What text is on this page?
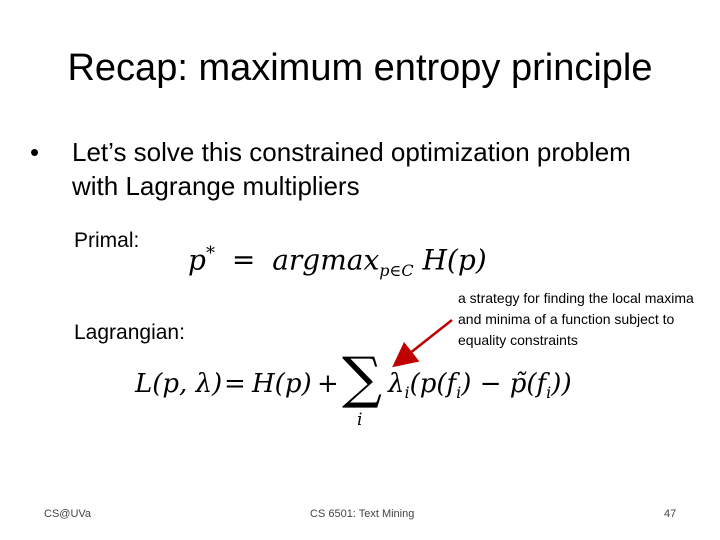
Recap: maximum entropy principle
• Let’s solve this constrained optimization problem with Lagrange multipliers
Primal:
p* = argmax$_{p\in C}$ H(p)
a strategy for finding the local maxima and minima of a function subject to equality constraints
Lagrangian:
L(p, λ) = H(p) + ∑
i
$\lambda_i(p(f_i)$ − $p̃(f_i)$)
CS@UVa	CS 6501: Text Mining	47
